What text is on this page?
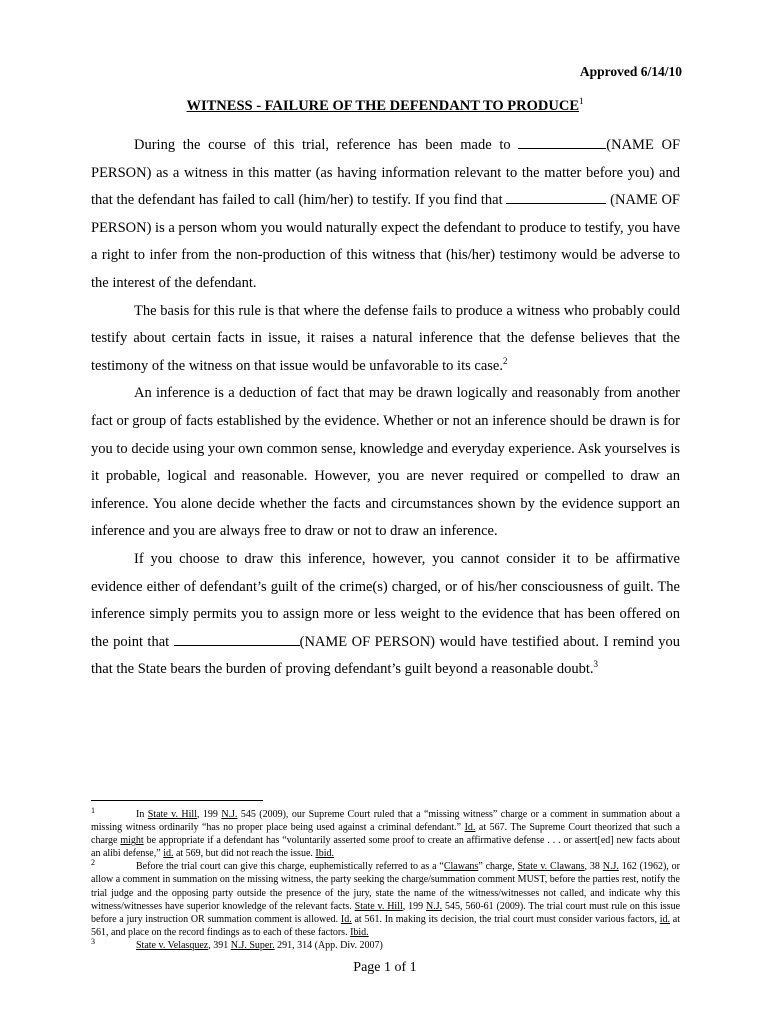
Approved 6/14/10
WITNESS - FAILURE OF THE DEFENDANT TO PRODUCE$^1$

During the course of this trial, reference has been made to	(NAME OF PERSON) as a witness in this matter (as having information relevant to the matter before you) and that the defendant has failed to call (him/her) to testify. If you find that	(NAME OF PERSON) is a person whom you would naturally expect the defendant to produce to testify, you have a right to infer from the non-production of this witness that (his/her) testimony would be adverse to the interest of the defendant.

The basis for this rule is that where the defense fails to produce a witness who probably could testify about certain facts in issue, it raises a natural inference that the defense believes that the testimony of the witness on that issue would be unfavorable to its case.$^2$

An inference is a deduction of fact that may be drawn logically and reasonably from another fact or group of facts established by the evidence. Whether or not an inference should be drawn is for you to decide using your own common sense, knowledge and everyday experience. Ask yourselves is it probable, logical and reasonable. However, you are never required or compelled to draw an inference. You alone decide whether the facts and circumstances shown by the evidence support an inference and you are always free to draw or not to draw an inference.

If you choose to draw this inference, however, you cannot consider it to be affirmative evidence either of defendant’s guilt of the crime(s) charged, or of his/her consciousness of guilt. The inference simply permits you to assign more or less weight to the evidence that has been offered on the point that	(NAME OF PERSON) would have testified about. I remind you that the State bears the burden of proving defendant’s guilt beyond a reasonable doubt.$^3$

1	In State v. Hill, 199 N.J. 545 (2009), our Supreme Court ruled that a “missing witness” charge or a comment in summation about a missing witness ordinarily “has no proper place being used against a criminal defendant.” Id. at 567. The Supreme Court theorized that such a charge might be appropriate if a defendant has “voluntarily asserted some proof to create an affirmative defense . . . or assert[ed] new facts about an alibi defense,” id. at 569, but did not reach the issue. Ibid.

2	Before the trial court can give this charge, euphemistically referred to as a “Clawans” charge, State v. Clawans, 38 N.J. 162 (1962), or allow a comment in summation on the missing witness, the party seeking the charge/summation comment MUST, before the parties rest, notify the trial judge and the opposing party outside the presence of the jury, state the name of the witness/witnesses not called, and indicate why this witness/witnesses have superior knowledge of the relevant facts. State v. Hill, 199 N.J. 545, 560-61 (2009). The trial court must rule on this issue before a jury instruction OR summation comment is allowed. Id. at 561. In making its decision, the trial court must consider various factors, id. at 561, and place on the record findings as to each of these factors. Ibid.

3	State v. Velasquez, 391 N.J. Super. 291, 314 (App. Div. 2007)

Page 1 of 1
